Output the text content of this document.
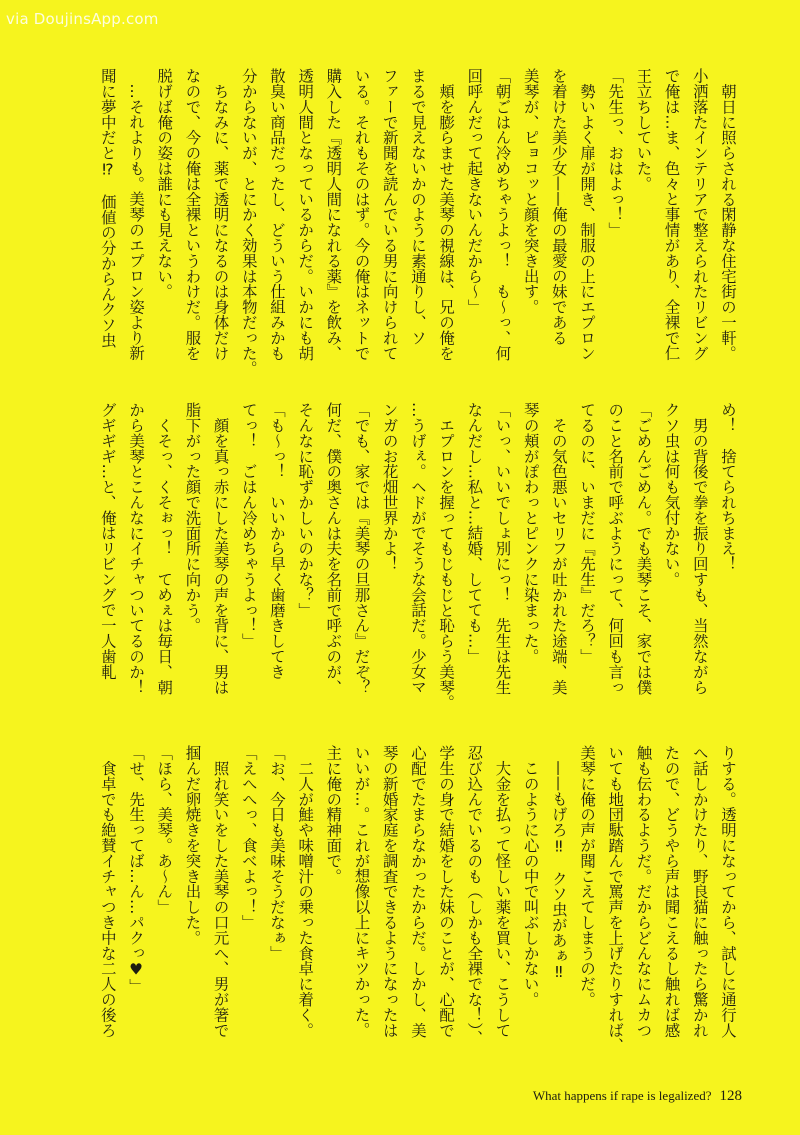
via DoujinsApp.com
　朝日に照らされる閑静な住宅街の一軒。
小洒落たインテリアで整えられたリビング
で俺は…ま、色々と事情があり、全裸で仁
王立ちしていた。
「先生っ、おはよっ！」
　勢いよく扉が開き、制服の上にエプロン
を着けた美少女——俺の最愛の妹である
美琴が、ピョコッと顔を突き出す。
「朝ごはん冷めちゃうよっ！　も～っ、何
回呼んだって起きないんだから～」
　頬を膨らませた美琴の視線は、兄の俺を
まるで見えないかのように素通りし、ソ
ファーで新聞を読んでいる男に向けられて
いる。それもそのはず。今の俺はネットで
購入した『透明人間になれる薬』を飲み、
透明人間となっているからだ。いかにも胡
散臭い商品だったし、どういう仕組みかも
分からないが、とにかく効果は本物だった。
　ちなみに、薬で透明になるのは身体だけ
なので、今の俺は全裸というわけだ。服を
脱げば俺の姿は誰にも見えない。
　…それよりも。美琴のエプロン姿より新
聞に夢中だと⁉　価値の分からんクソ虫
め！　捨てられちまえ！
　男の背後で拳を振り回すも、当然ながら
クソ虫は何も気付かない。
「ごめんごめん。でも美琴こそ、家では僕
のこと名前で呼ぶようにって、何回も言っ
てるのに、いまだに『先生』だろ？」
　その気色悪いセリフが吐かれた途端、美
琴の頬がぽわっとピンクに染まった。
「いっ、いいでしょ別にっ！　先生は先生
なんだし…私と…結婚、してても…」
　エプロンを握ってもじもじと恥らう美琴。
…うげぇ。ヘドがでそうな会話だ。少女マ
ンガのお花畑世界かよ！
「でも、家では『美琴の旦那さん』だぞ？
何だ、僕の奥さんは夫を名前で呼ぶのが、
そんなに恥ずかしいのかな？」
「も～っ！　いいから早く歯磨きしてき
てっ！　ごはん冷めちゃうよっ！」
　顔を真っ赤にした美琴の声を背に、男は
脂下がった顔で洗面所に向かう。
　くそっ、くそぉっ！　てめぇは毎日、朝
から美琴とこんなにイチャついてるのか！
グギギギ…と、俺はリビングで一人歯軋
りする。透明になってから、試しに通行人
へ話しかけたり、野良猫に触ったら驚かれ
たので、どうやら声は聞こえるし触れば感
触も伝わるようだ。だからどんなにムカつ
いても地団駄踏んで罵声を上げたりすれば、
美琴に俺の声が聞こえてしまうのだ。
　——もげろ‼　クソ虫があぁ‼
　このように心の中で叫ぶしかない。
　大金を払って怪しい薬を買い、こうして
忍び込んでいるのも（しかも全裸でな！）、
学生の身で結婚をした妹のことが、心配で
心配でたまらなかったからだ。しかし、美
琴の新婚家庭を調査できるようになったは
いいが…。これが想像以上にキツかった。
主に俺の精神面で。
　二人が鮭や味噌汁の乗った食卓に着く。
「お、今日も美味そうだなぁ」
「えへへっ、食べよっ！」
　照れ笑いをした美琴の口元へ、男が箸で
掴んだ卵焼きを突き出した。
「ほら、美琴。あ～ん」
「せ、先生ってば…ん…パクっ♥」
　食卓でも絶賛イチャつき中な二人の後ろ
What happens if rape is legalized? 128
